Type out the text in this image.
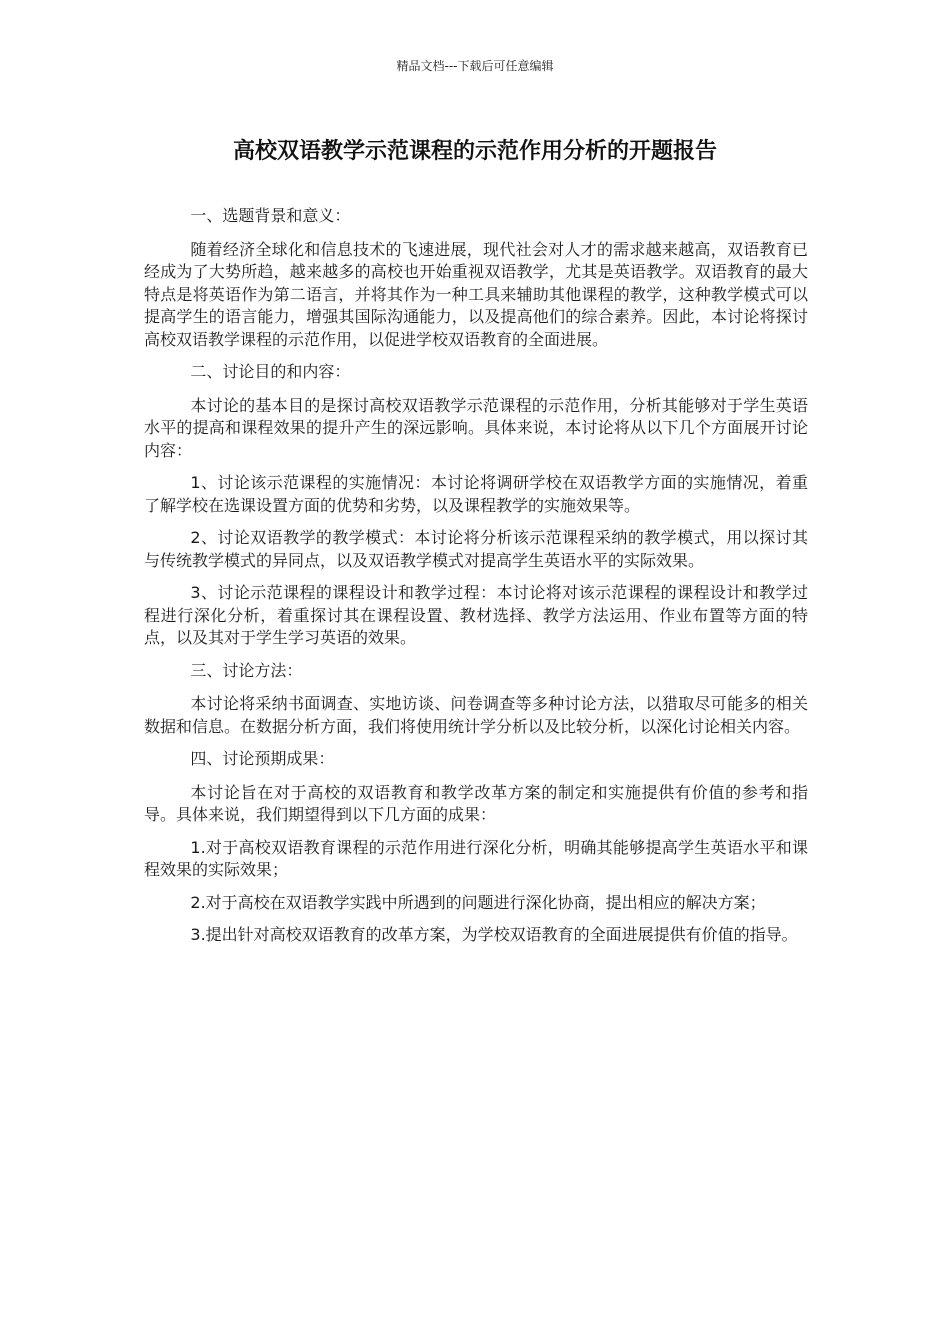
精品文档---下载后可任意编辑
高校双语教学示范课程的示范作用分析的开题报告

一、选题背景和意义：

随着经济全球化和信息技术的飞速进展，现代社会对人才的需求越来越高，双语教育已经成为了大势所趋，越来越多的高校也开始重视双语教学，尤其是英语教学。双语教育的最大特点是将英语作为第二语言，并将其作为一种工具来辅助其他课程的教学，这种教学模式可以提高学生的语言能力，增强其国际沟通能力，以及提高他们的综合素养。因此，本讨论将探讨高校双语教学课程的示范作用，以促进学校双语教育的全面进展。

二、讨论目的和内容：

本讨论的基本目的是探讨高校双语教学示范课程的示范作用，分析其能够对于学生英语水平的提高和课程效果的提升产生的深远影响。具体来说，本讨论将从以下几个方面展开讨论内容：

1、讨论该示范课程的实施情况：本讨论将调研学校在双语教学方面的实施情况，着重了解学校在选课设置方面的优势和劣势，以及课程教学的实施效果等。

2、讨论双语教学的教学模式：本讨论将分析该示范课程采纳的教学模式，用以探讨其与传统教学模式的异同点，以及双语教学模式对提高学生英语水平的实际效果。

3、讨论示范课程的课程设计和教学过程：本讨论将对该示范课程的课程设计和教学过程进行深化分析，着重探讨其在课程设置、教材选择、教学方法运用、作业布置等方面的特点，以及其对于学生学习英语的效果。

三、讨论方法：

本讨论将采纳书面调查、实地访谈、问卷调查等多种讨论方法，以猎取尽可能多的相关数据和信息。在数据分析方面，我们将使用统计学分析以及比较分析，以深化讨论相关内容。

四、讨论预期成果：

本讨论旨在对于高校的双语教育和教学改革方案的制定和实施提供有价值的参考和指导。具体来说，我们期望得到以下几方面的成果：

1.对于高校双语教育课程的示范作用进行深化分析，明确其能够提高学生英语水平和课程效果的实际效果；

2.对于高校在双语教学实践中所遇到的问题进行深化协商，提出相应的解决方案；

3.提出针对高校双语教育的改革方案，为学校双语教育的全面进展提供有价值的指导。
